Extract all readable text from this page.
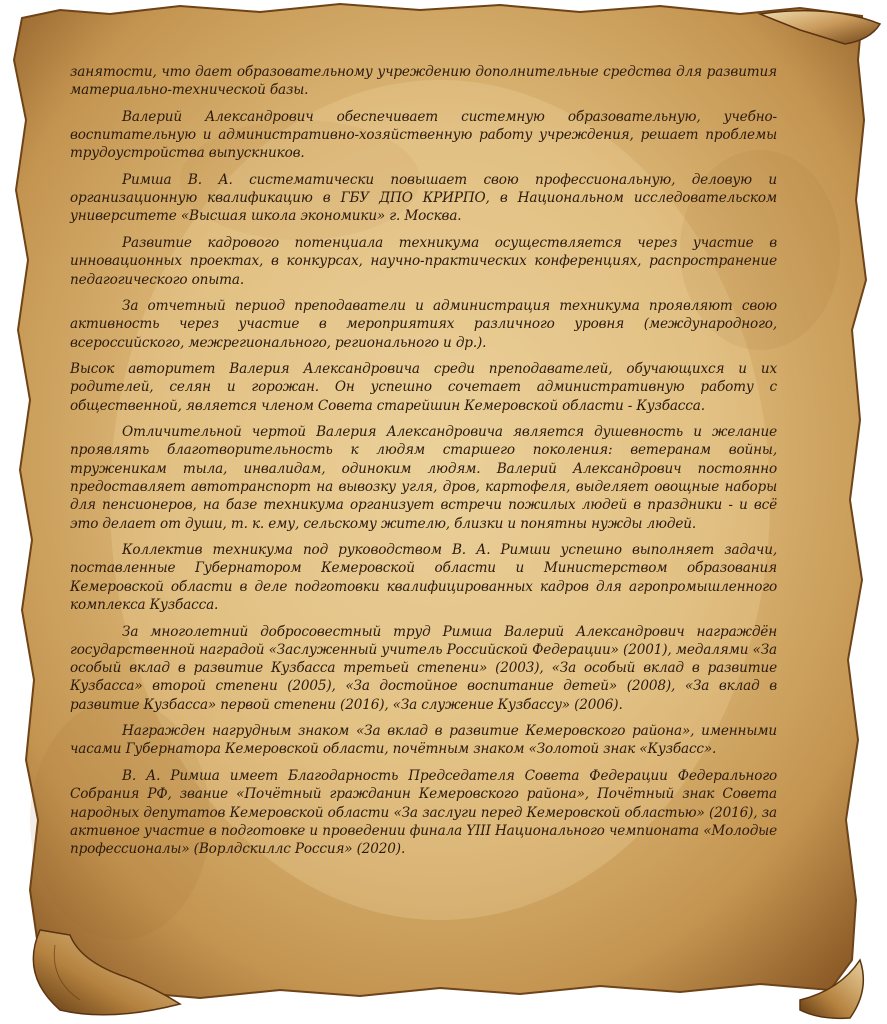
занятости, что дает образовательному учреждению дополнительные средства для развития материально-технической базы.

Валерий Александрович обеспечивает системную образовательную, учебно-воспитательную и административно-хозяйственную работу учреждения, решает проблемы трудоустройства выпускников.

Римша В. А. систематически повышает свою профессиональную, деловую и организационную квалификацию в ГБУ ДПО КРИРПО, в Национальном исследовательском университете «Высшая школа экономики» г. Москва.

Развитие кадрового потенциала техникума осуществляется через участие в инновационных проектах, в конкурсах, научно-практических конференциях, распространение педагогического опыта.

За отчетный период преподаватели и администрация техникума проявляют свою активность через участие в мероприятиях различного уровня (международного, всероссийского, межрегионального, регионального и др.).

Высок авторитет Валерия Александровича среди преподавателей, обучающихся и их родителей, селян и горожан. Он успешно сочетает административную работу с общественной, является членом Совета старейшин Кемеровской области - Кузбасса.

Отличительной чертой Валерия Александровича является душевность и желание проявлять благотворительность к людям старшего поколения: ветеранам войны, труженикам тыла, инвалидам, одиноким людям. Валерий Александрович постоянно предоставляет автотранспорт на вывозку угля, дров, картофеля, выделяет овощные наборы для пенсионеров, на базе техникума организует встречи пожилых людей в праздники - и всё это делает от души, т. к. ему, сельскому жителю, близки и понятны нужды людей.

Коллектив техникума под руководством В. А. Римши успешно выполняет задачи, поставленные Губернатором Кемеровской области и Министерством образования Кемеровской области в деле подготовки квалифицированных кадров для агропромышленного комплекса Кузбасса.

За многолетний добросовестный труд Римша Валерий Александрович награждён государственной наградой «Заслуженный учитель Российской Федерации» (2001), медалями «За особый вклад в развитие Кузбасса третьей степени» (2003), «За особый вклад в развитие Кузбасса» второй степени (2005), «За достойное воспитание детей» (2008), «За вклад в развитие Кузбасса» первой степени (2016), «За служение Кузбассу» (2006).

Награжден нагрудным знаком «За вклад в развитие Кемеровского района», именными часами Губернатора Кемеровской области, почётным знаком «Золотой знак «Кузбасс».

В. А. Римша имеет Благодарность Председателя Совета Федерации Федерального Собрания РФ, звание «Почётный гражданин Кемеровского района», Почётный знак Совета народных депутатов Кемеровской области «За заслуги перед Кемеровской областью» (2016), за активное участие в подготовке и проведении финала YIII Национального чемпионата «Молодые профессионалы» (Ворлдскиллс Россия» (2020).
